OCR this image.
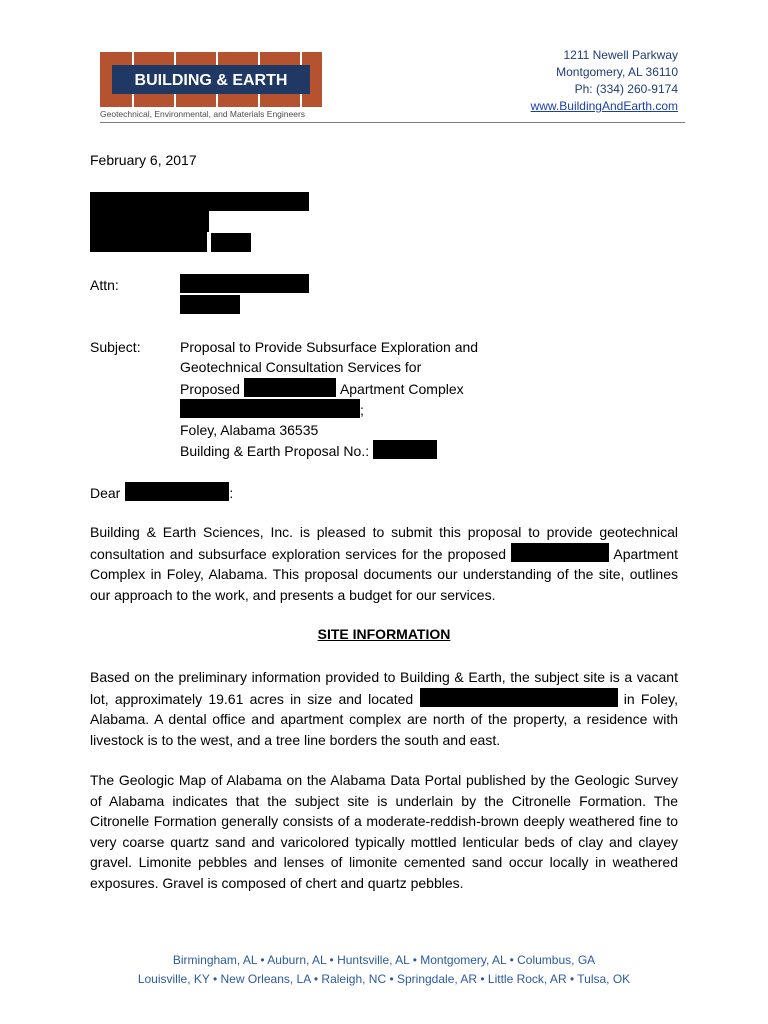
BUILDING & EARTH
Geotechnical, Environmental, and Materials Engineers
1211 Newell Parkway
Montgomery, AL 36110
Ph: (334) 260-9174
www.BuildingAndEarth.com
February 6, 2017
Attn:
Subject:	Proposal to Provide Subsurface Exploration and
Geotechnical Consultation Services for
Proposed	Apartment Complex
;
Foley, Alabama 36535
Building & Earth Proposal No.:
Dear	:
Building & Earth Sciences, Inc. is pleased to submit this proposal to provide geotechnical consultation and subsurface exploration services for the proposed	Apartment Complex in Foley, Alabama. This proposal documents our understanding of the site, outlines our approach to the work, and presents a budget for our services.
SITE INFORMATION
Based on the preliminary information provided to Building & Earth, the subject site is a vacant lot, approximately 19.61 acres in size and located	in Foley, Alabama. A dental office and apartment complex are north of the property, a residence with livestock is to the west, and a tree line borders the south and east.
The Geologic Map of Alabama on the Alabama Data Portal published by the Geologic Survey of Alabama indicates that the subject site is underlain by the Citronelle Formation. The Citronelle Formation generally consists of a moderate-reddish-brown deeply weathered fine to very coarse quartz sand and varicolored typically mottled lenticular beds of clay and clayey gravel. Limonite pebbles and lenses of limonite cemented sand occur locally in weathered exposures. Gravel is composed of chert and quartz pebbles.
Birmingham, AL • Auburn, AL • Huntsville, AL • Montgomery, AL • Columbus, GA
Louisville, KY • New Orleans, LA • Raleigh, NC • Springdale, AR • Little Rock, AR • Tulsa, OK
